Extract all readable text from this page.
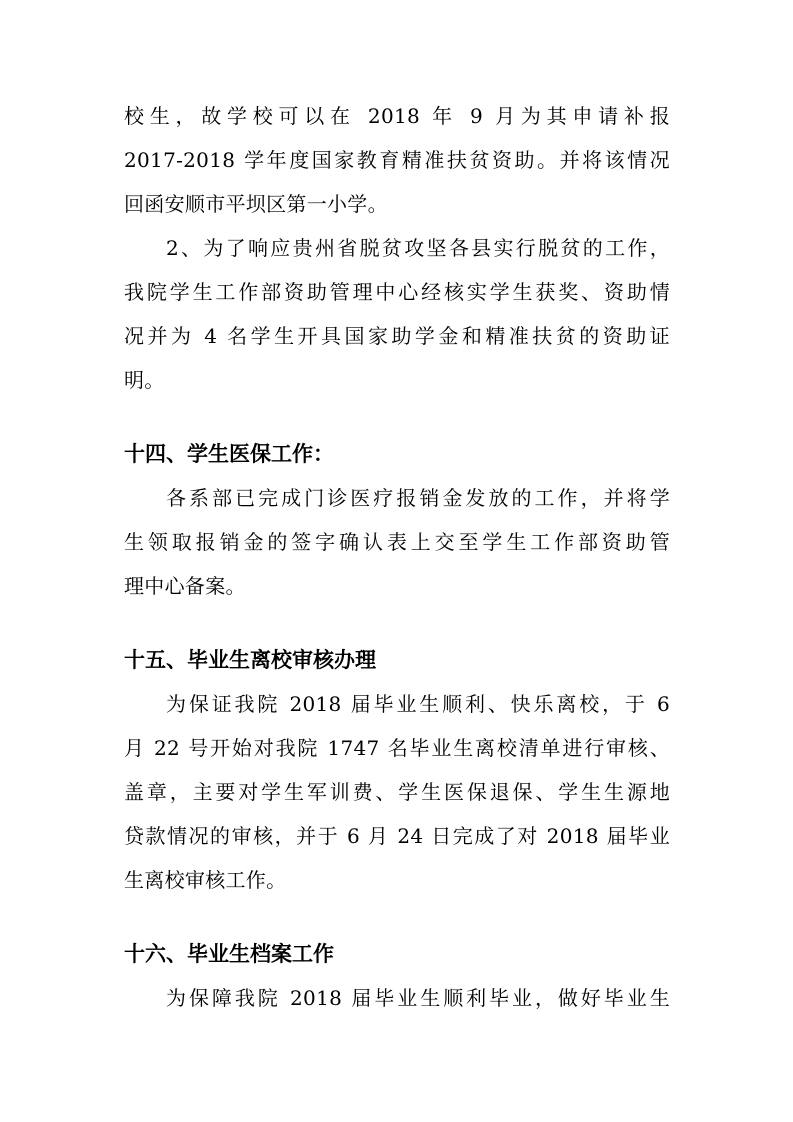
校生，故学校可以在 2018 年 9 月为其申请补报
2017-2018 学年度国家教育精准扶贫资助。并将该情况
回函安顺市平坝区第一小学。
2、为了响应贵州省脱贫攻坚各县实行脱贫的工作，
我院学生工作部资助管理中心经核实学生获奖、资助情
况并为 4 名学生开具国家助学金和精准扶贫的资助证
明。
十四、学生医保工作：
各系部已完成门诊医疗报销金发放的工作，并将学
生领取报销金的签字确认表上交至学生工作部资助管
理中心备案。
十五、毕业生离校审核办理
为保证我院 2018 届毕业生顺利、快乐离校，于 6
月 22 号开始对我院 1747 名毕业生离校清单进行审核、
盖章，主要对学生军训费、学生医保退保、学生生源地
贷款情况的审核，并于 6 月 24 日完成了对 2018 届毕业
生离校审核工作。
十六、毕业生档案工作
为保障我院 2018 届毕业生顺利毕业，做好毕业生
